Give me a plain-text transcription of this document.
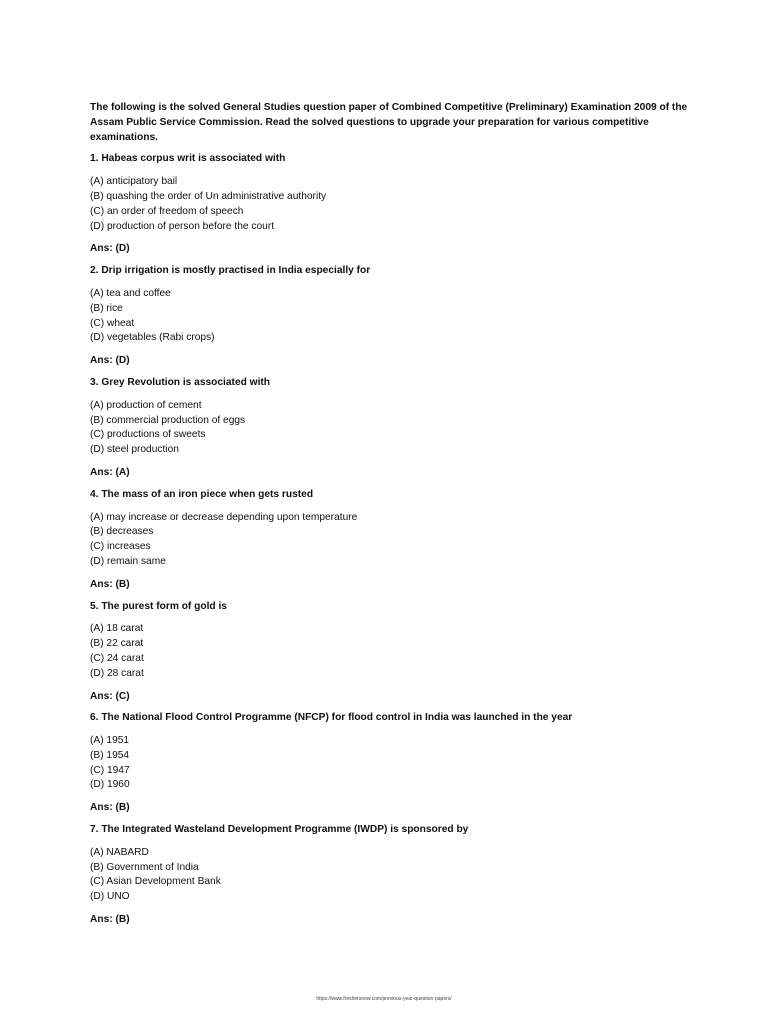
The following is the solved General Studies question paper of Combined Competitive (Preliminary) Examination 2009 of the Assam Public Service Commission. Read the solved questions to upgrade your preparation for various competitive examinations.

1. Habeas corpus writ is associated with

(A) anticipatory bail
(B) quashing the order of Un administrative authority
(C) an order of freedom of speech
(D) production of person before the court

Ans: (D)

2. Drip irrigation is mostly practised in India especially for

(A) tea and coffee
(B) rice
(C) wheat
(D) vegetables (Rabi crops)

Ans: (D)

3. Grey Revolution is associated with

(A) production of cement
(B) commercial production of eggs
(C) productions of sweets
(D) steel production

Ans: (A)

4. The mass of an iron piece when gets rusted

(A) may increase or decrease depending upon temperature
(B) decreases
(C) increases
(D) remain same

Ans: (B)

5. The purest form of gold is

(A) 18 carat
(B) 22 carat
(C) 24 carat
(D) 28 carat

Ans: (C)

6. The National Flood Control Programme (NFCP) for flood control in India was launched in the year

(A) 1951
(B) 1954
(C) 1947
(D) 1960

Ans: (B)

7. The Integrated Wasteland Development Programme (IWDP) is sponsored by

(A) NABARD
(B) Government of India
(C) Asian Development Bank
(D) UNO

Ans: (B)

https://www.freshersnow.com/previous-year-question-papers/
